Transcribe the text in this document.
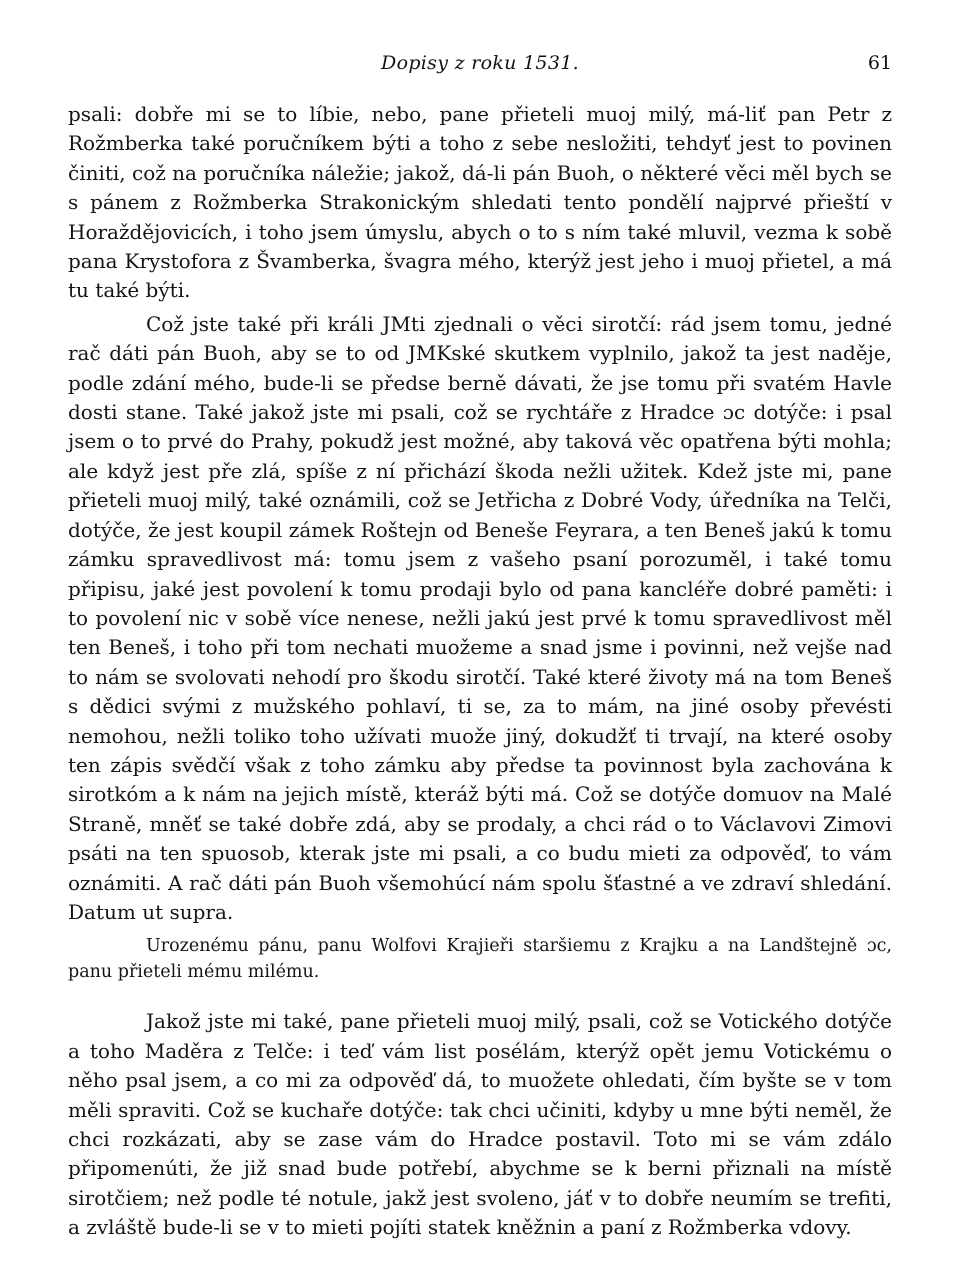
Dopisy z roku 1531.	61

psali: dobře mi se to líbie, nebo, pane přieteli muoj milý, má-liť pan Petr z Rožmberka také poručníkem býti a toho z sebe nesložiti, tehdyť jest to povinen činiti, což na poručníka náležie; jakož, dá-li pán Buoh, o některé věci měl bych se s pánem z Rožmberka Strakonickým shledati tento pondělí najprvé přieští v Horaždějovicích, i toho jsem úmyslu, abych o to s ním také mluvil, vezma k sobě pana Krystofora z Švamberka, švagra mého, kterýž jest jeho i muoj přietel, a má tu také býti.

Což jste také při králi JMti zjednali o věci sirotčí: rád jsem tomu, jedné rač dáti pán Buoh, aby se to od JMKské skutkem vyplnilo, jakož ta jest naděje, podle zdání mého, bude-li se předse berně dávati, že jse tomu při svatém Havle dosti stane. Také jakož jste mi psali, což se rychtáře z Hradce ɔc dotýče: i psal jsem o to prvé do Prahy, pokudž jest možné, aby taková věc opatřena býti mohla; ale když jest pře zlá, spíše z ní přichází škoda nežli užitek. Kdež jste mi, pane přieteli muoj milý, také oznámili, což se Jetřicha z Dobré Vody, úředníka na Telči, dotýče, že jest koupil zámek Roštejn od Beneše Feyrara, a ten Beneš jakú k tomu zámku spravedlivost má: tomu jsem z vašeho psaní porozuměl, i také tomu připisu, jaké jest povolení k tomu prodaji bylo od pana kancléře dobré paměti: i to povolení nic v sobě více nenese, nežli jakú jest prvé k tomu spravedlivost měl ten Beneš, i toho při tom nechati muožeme a snad jsme i povinni, než vejše nad to nám se svolovati nehodí pro škodu sirotčí. Také které životy má na tom Beneš s dědici svými z mužského pohlaví, ti se, za to mám, na jiné osoby převésti nemohou, nežli toliko toho užívati muože jiný, dokudžť ti trvají, na které osoby ten zápis svědčí však z toho zámku aby předse ta povinnost byla zachována k sirotkóm a k nám na jejich místě, kteráž býti má. Což se dotýče domuov na Malé Straně, mněť se také dobře zdá, aby se prodaly, a chci rád o to Václavovi Zimovi psáti na ten spuosob, kterak jste mi psali, a co budu mieti za odpověď, to vám oznámiti. A rač dáti pán Buoh všemohúcí nám spolu šťastné a ve zdraví shledání. Datum ut supra.

Urozenému pánu, panu Wolfovi Krajieři staršiemu z Krajku a na Landštejně ɔc, panu přieteli mému milému.

Jakož jste mi také, pane přieteli muoj milý, psali, což se Votického dotýče a toho Maděra z Telče: i teď vám list posélám, kterýž opět jemu Votickému o něho psal jsem, a co mi za odpověď dá, to muožete ohledati, čím byšte se v tom měli spraviti. Což se kuchaře dotýče: tak chci učiniti, kdyby u mne býti neměl, že chci rozkázati, aby se zase vám do Hradce postavil. Toto mi se vám zdálo připomenúti, že již snad bude potřebí, abychme se k berni přiznali na místě sirotčiem; než podle té notule, jakž jest svoleno, jáť v to dobře neumím se trefiti, a zvláště bude-li se v to mieti pojíti statek kněžnin a paní z Rožmberka vdovy.
